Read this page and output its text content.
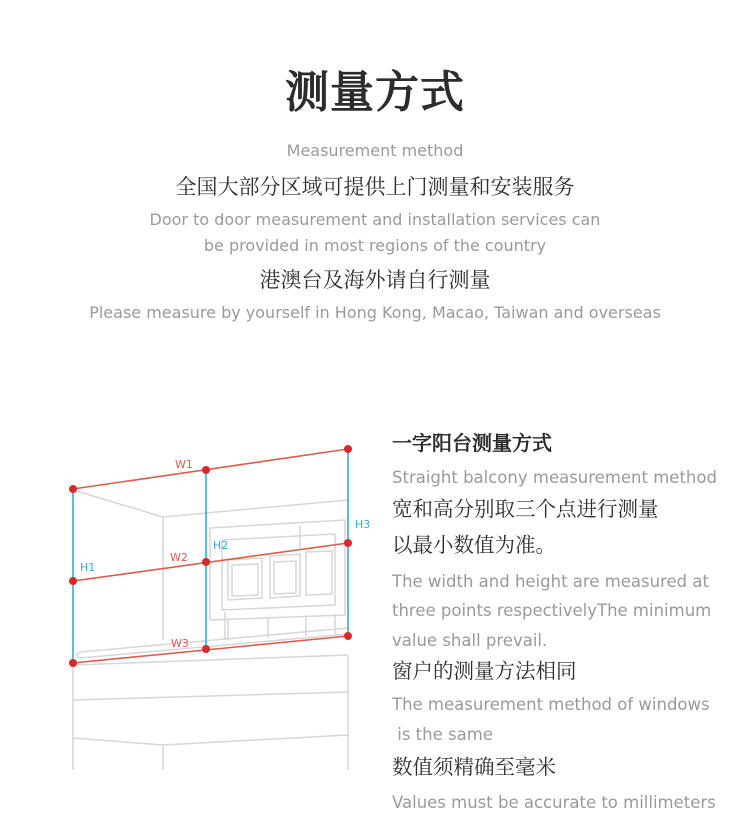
测量方式
Measurement method
全国大部分区域可提供上门测量和安装服务
Door to door measurement and installation services can
be provided in most regions of the country
港澳台及海外请自行测量
Please measure by yourself in Hong Kong, Macao, Taiwan and overseas
W1
W2
W3
H1
H2
H3
一字阳台测量方式
Straight balcony measurement method
宽和高分别取三个点进行测量
以最小数值为准。
The width and height are measured at
three points respectivelyThe minimum
value shall prevail.
窗户的测量方法相同
The measurement method of windows
is the same
数值须精确至毫米
Values must be accurate to millimeters
